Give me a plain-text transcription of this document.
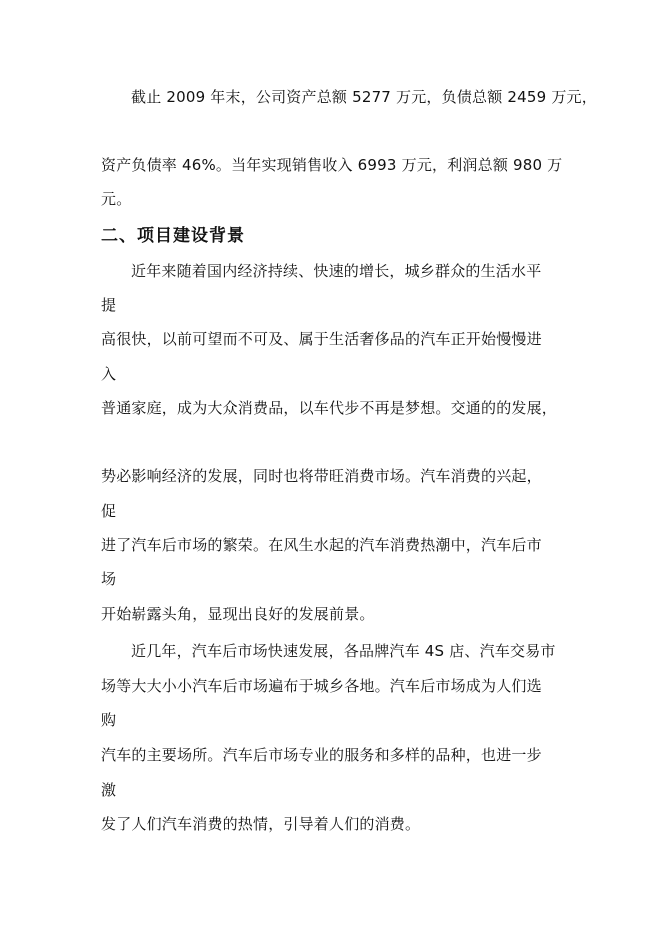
截止 2009 年末，公司资产总额 5277 万元，负债总额 2459 万元，
资产负债率 46%。当年实现销售收入 6993 万元，利润总额 980 万
元。
二、项目建设背景
近年来随着国内经济持续、快速的增长，城乡群众的生活水平
提
高很快，以前可望而不可及、属于生活奢侈品的汽车正开始慢慢进
入
普通家庭，成为大众消费品，以车代步不再是梦想。交通的的发展，
势必影响经济的发展，同时也将带旺消费市场。汽车消费的兴起，
促
进了汽车后市场的繁荣。在风生水起的汽车消费热潮中，汽车后市
场
开始崭露头角，显现出良好的发展前景。
近几年，汽车后市场快速发展，各品牌汽车 4S 店、汽车交易市
场等大大小小汽车后市场遍布于城乡各地。汽车后市场成为人们选
购
汽车的主要场所。汽车后市场专业的服务和多样的品种，也进一步
激
发了人们汽车消费的热情，引导着人们的消费。
